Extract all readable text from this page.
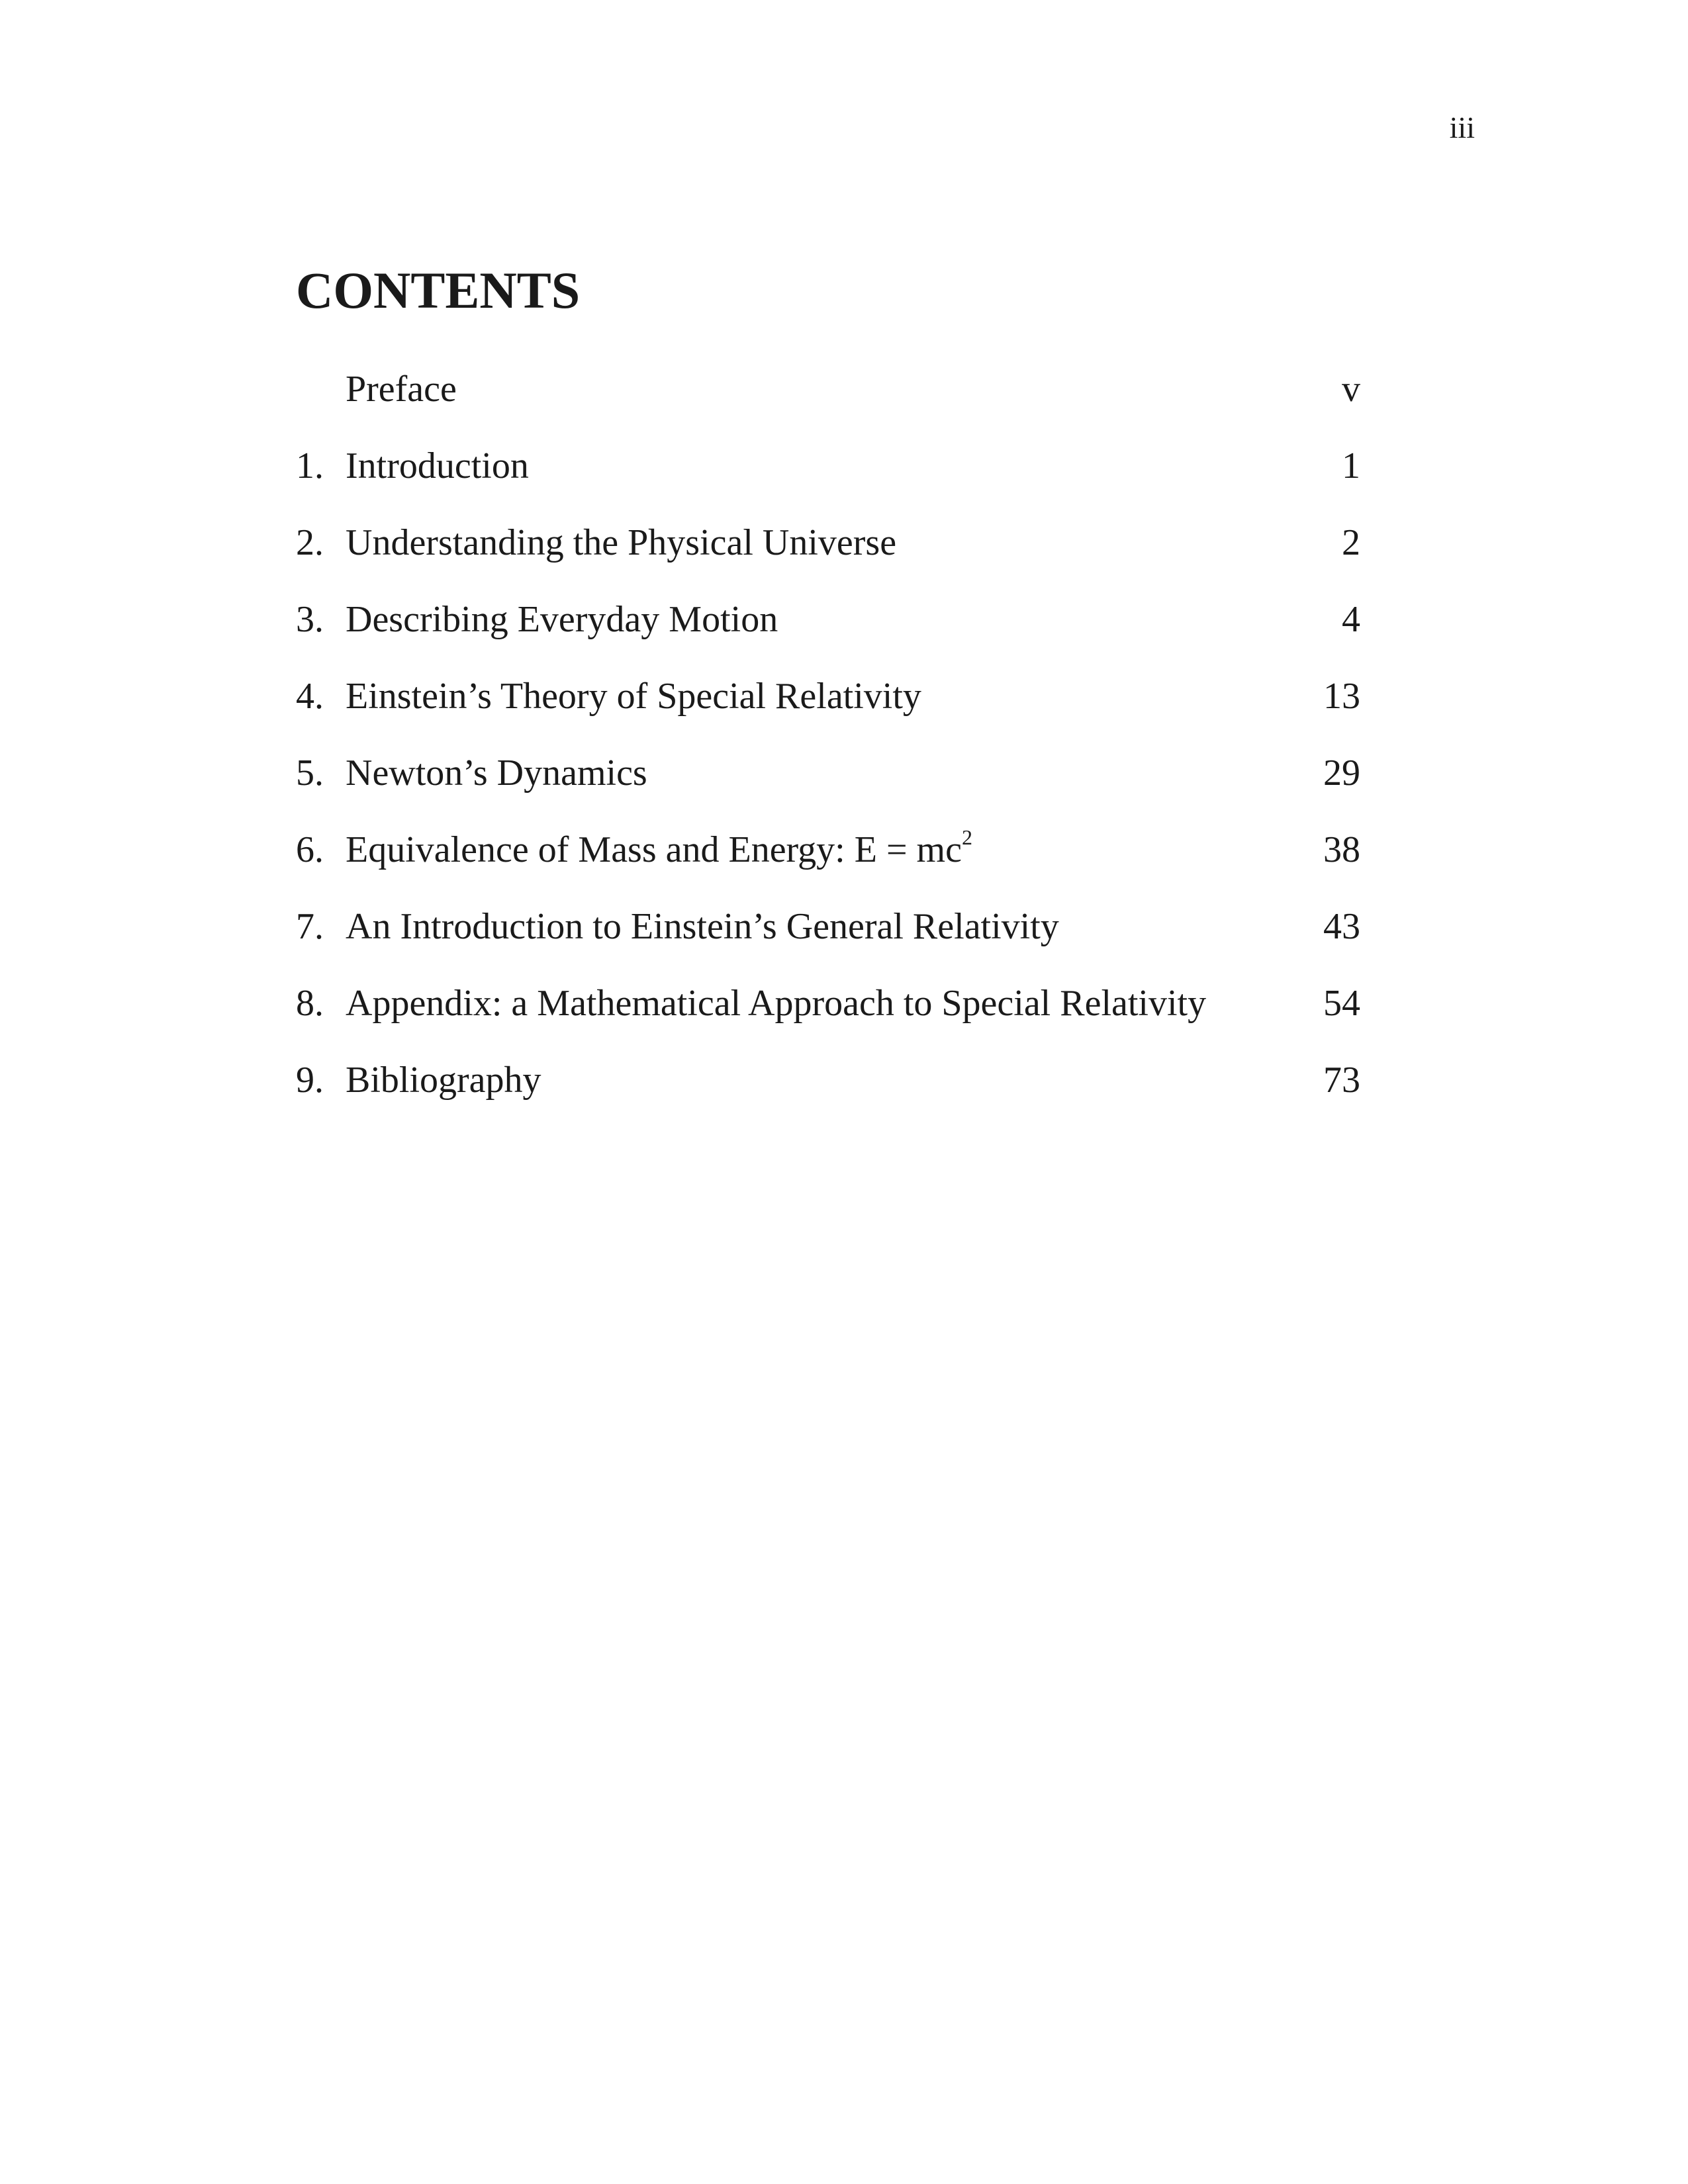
iii
CONTENTS
Preface	v
1. Introduction	1
2. Understanding the Physical Universe	2
3. Describing Everyday Motion	4
4. Einstein’s Theory of Special Relativity	13
5. Newton’s Dynamics	29
6. Equivalence of Mass and Energy: $E = mc^2$	38
7. An Introduction to Einstein’s General Relativity	43
8. Appendix: a Mathematical Approach to Special Relativity	54
9. Bibliography	73
